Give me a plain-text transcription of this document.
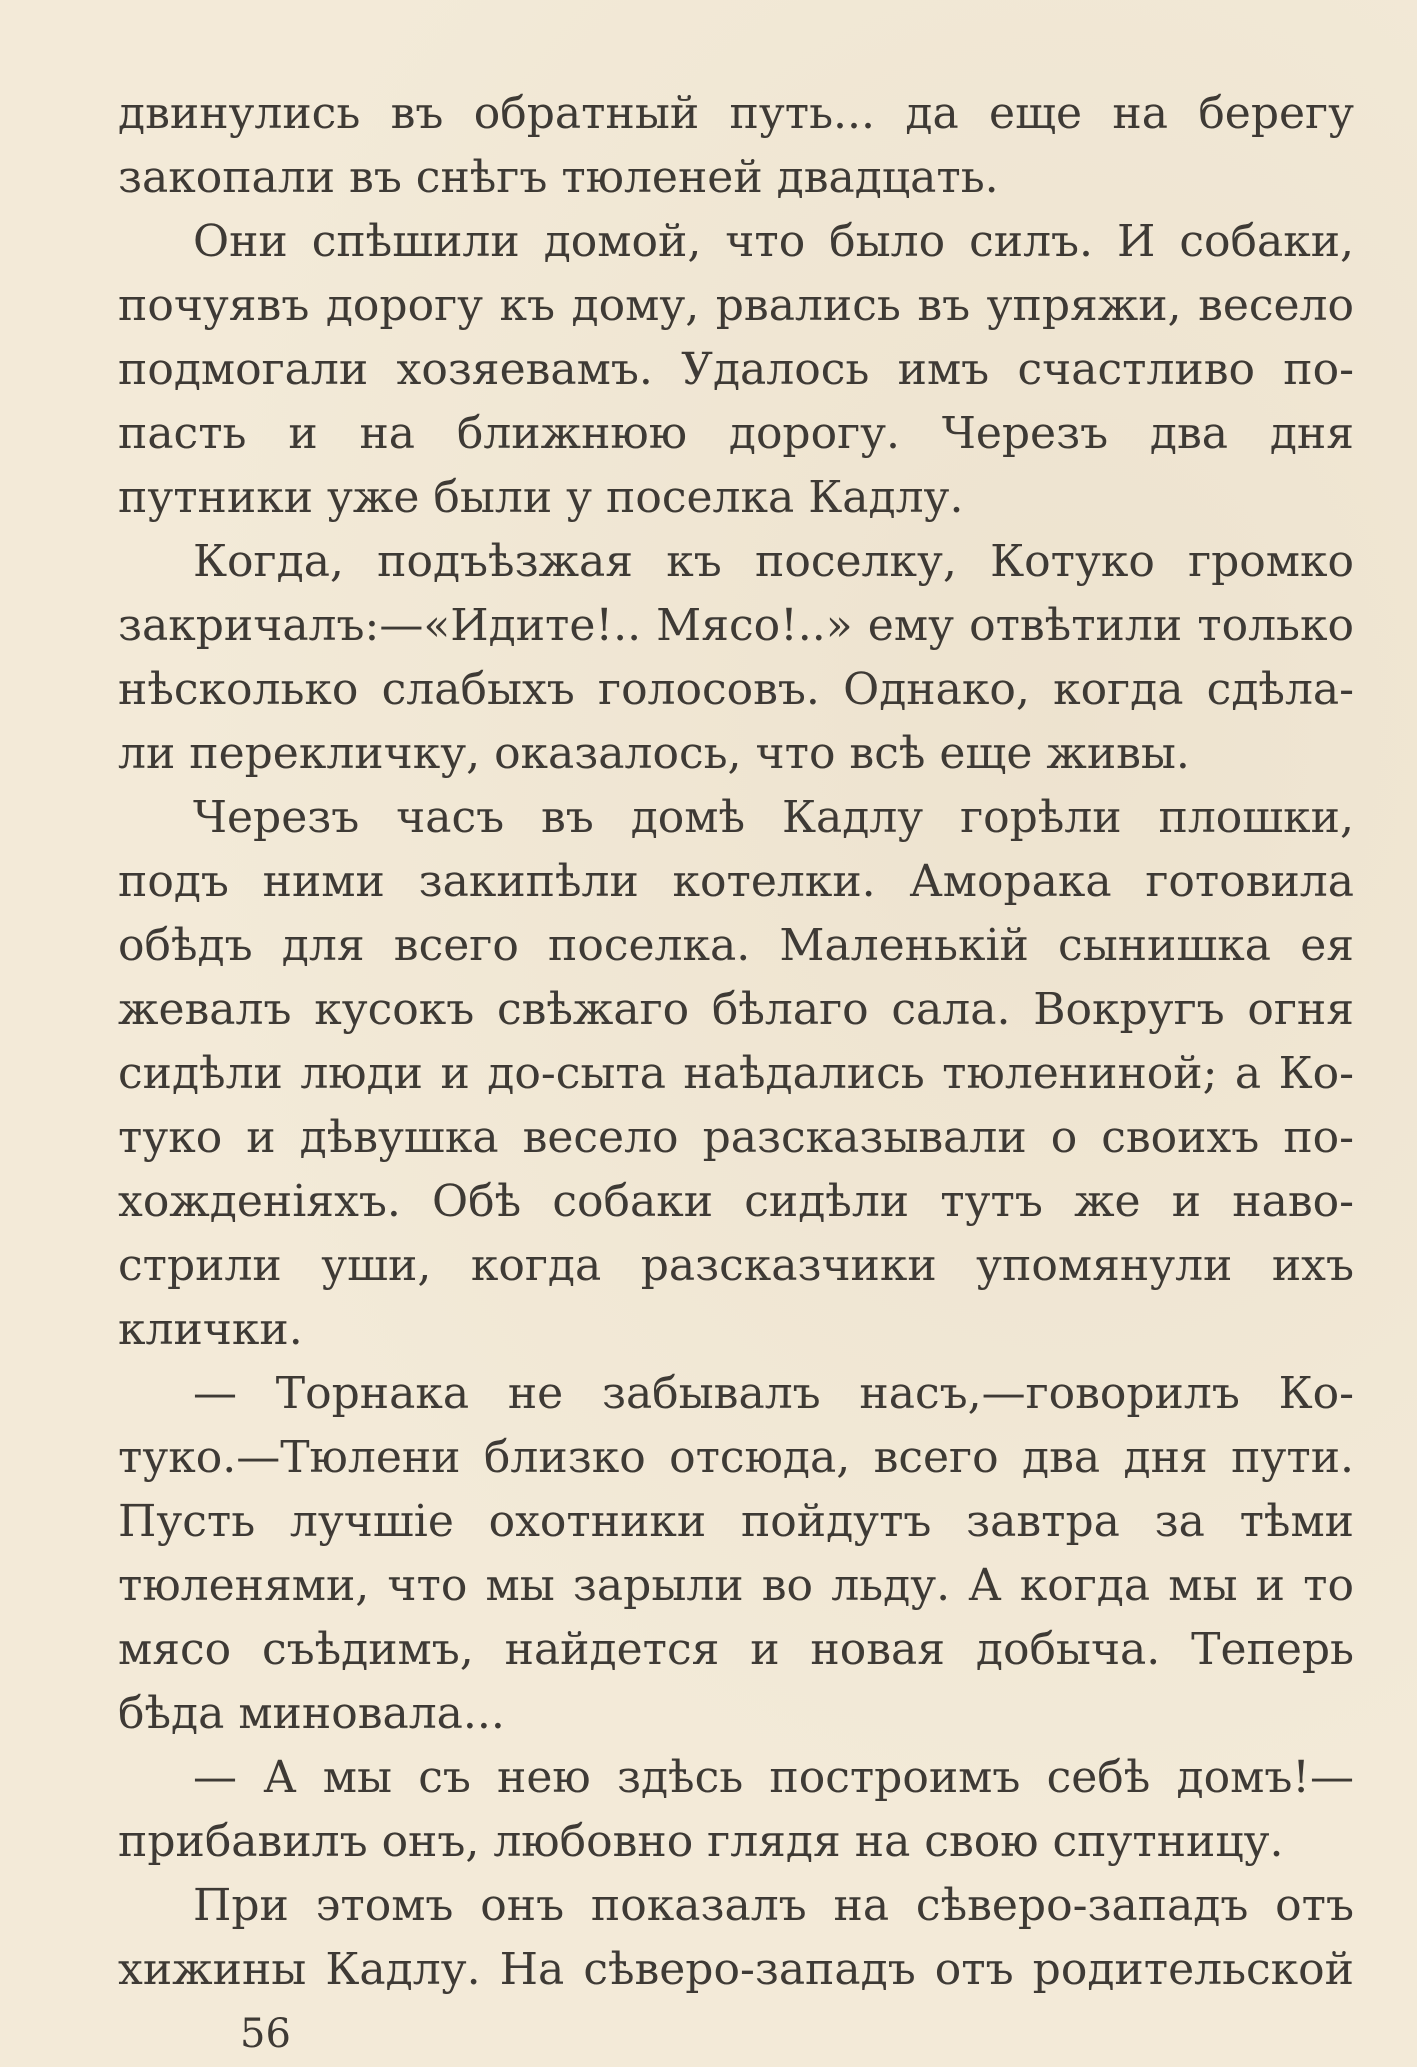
двинулись въ обратный путь... да еще на берегу
закопали въ снѣгъ тюленей двадцать.
Они спѣшили домой, что было силъ. И собаки,
почуявъ дорогу къ дому, рвались въ упряжи, весело
подмогали хозяевамъ. Удалось имъ счастливо по-
пасть и на ближнюю дорогу. Черезъ два дня
путники уже были у поселка Кадлу.
Когда, подъѣзжая къ поселку, Котуко громко
закричалъ:—«Идите!.. Мясо!..» ему отвѣтили только
нѣсколько слабыхъ голосовъ. Однако, когда сдѣла-
ли перекличку, оказалось, что всѣ еще живы.
Черезъ часъ въ домѣ Кадлу горѣли плошки,
подъ ними закипѣли котелки. Аморака готовила
обѣдъ для всего поселка. Маленькій сынишка ея
жевалъ кусокъ свѣжаго бѣлаго сала. Вокругъ огня
сидѣли люди и до-сыта наѣдались тюлениной; а Ко-
туко и дѣвушка весело разсказывали о своихъ по-
хожденіяхъ. Обѣ собаки сидѣли тутъ же и наво-
стрили уши, когда разсказчики упомянули ихъ
клички.
— Торнака не забывалъ насъ,—говорилъ Ко-
туко.—Тюлени близко отсюда, всего два дня пути.
Пусть лучшіе охотники пойдутъ завтра за тѣми
тюленями, что мы зарыли во льду. А когда мы и то
мясо съѣдимъ, найдется и новая добыча. Теперь
бѣда миновала...
— А мы съ нею здѣсь построимъ себѣ домъ!—
прибавилъ онъ, любовно глядя на свою спутницу.
При этомъ онъ показалъ на сѣверо-западъ отъ
хижины Кадлу. На сѣверо-западъ отъ родительской
56
